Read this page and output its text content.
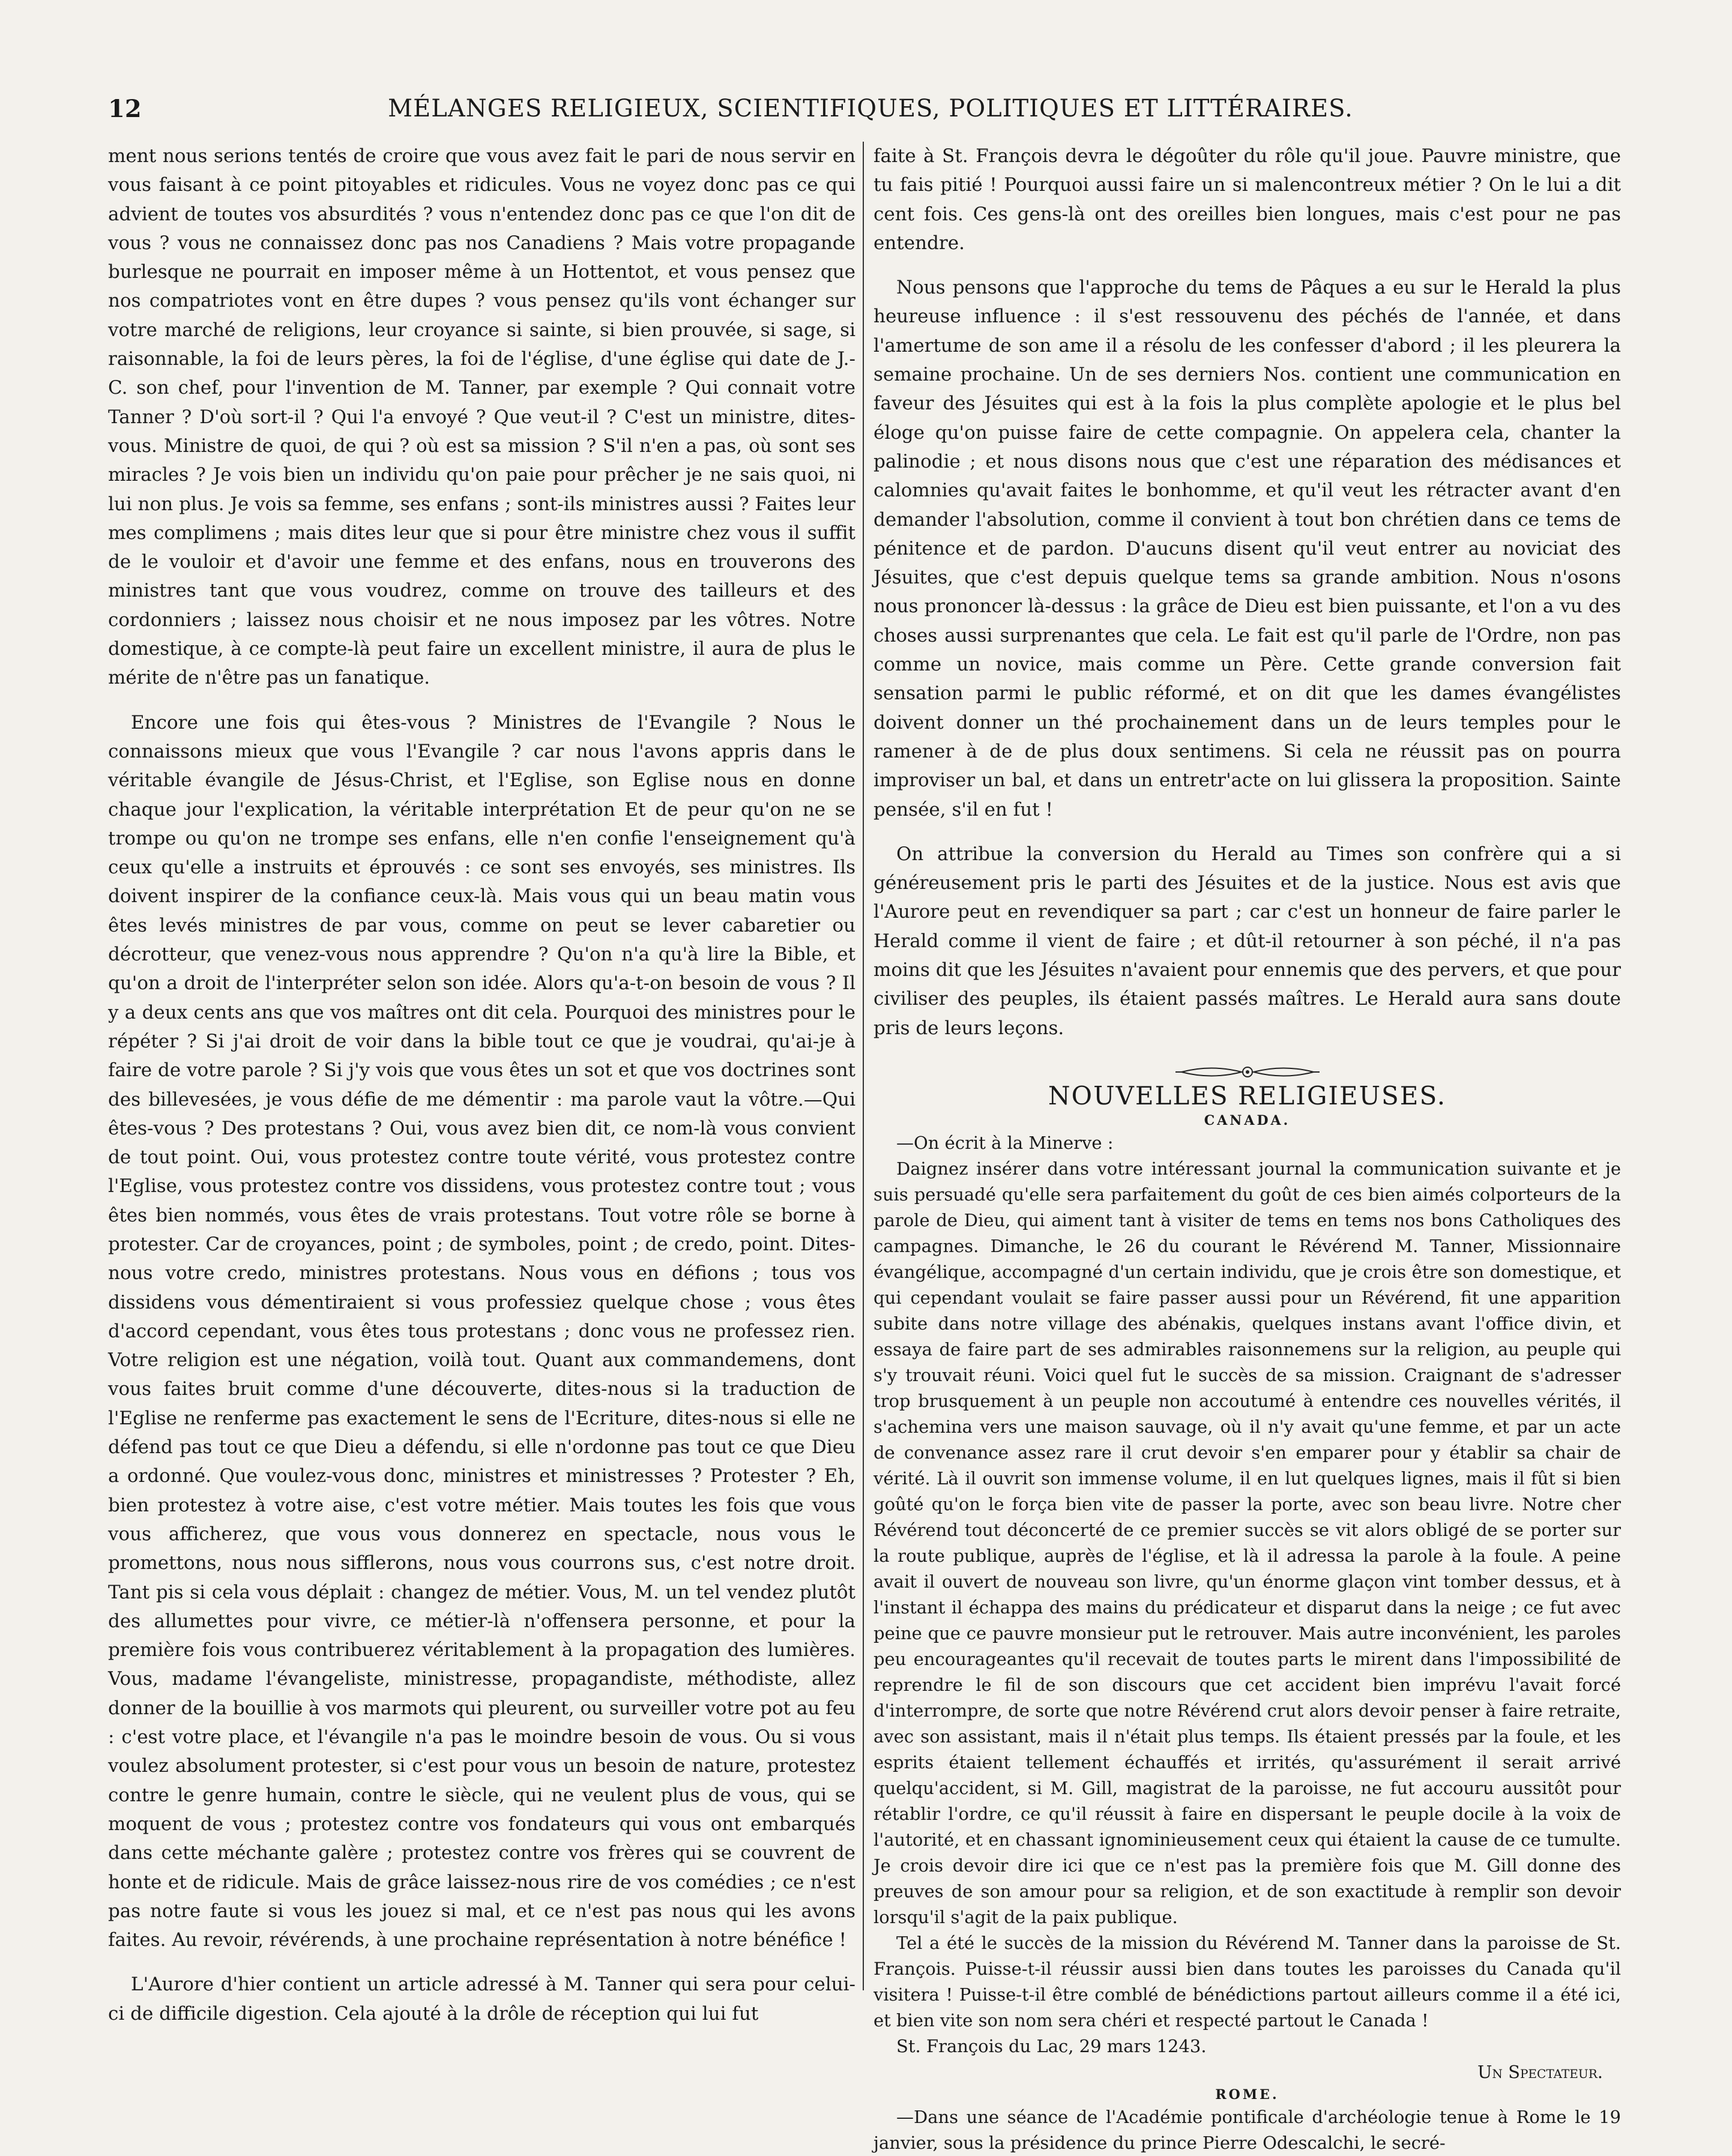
12	MÉLANGES RELIGIEUX, SCIENTIFIQUES, POLITIQUES ET LITTÉRAIRES.

ment nous serions tentés de croire que vous avez fait le pari de nous servir en vous faisant à ce point pitoyables et ridicules. Vous ne voyez donc pas ce qui advient de toutes vos absurdités ? vous n'entendez donc pas ce que l'on dit de vous ? vous ne connaissez donc pas nos Canadiens ? Mais votre propagande burlesque ne pourrait en imposer même à un Hottentot, et vous pensez que nos compatriotes vont en être dupes ? vous pensez qu'ils vont échanger sur votre marché de religions, leur croyance si sainte, si bien prouvée, si sage, si raisonnable, la foi de leurs pères, la foi de l'église, d'une église qui date de J.-C. son chef, pour l'invention de M. Tanner, par exemple ? Qui connait votre Tanner ? D'où sort-il ? Qui l'a envoyé ? Que veut-il ? C'est un ministre, dites-vous. Ministre de quoi, de qui ? où est sa mission ? S'il n'en a pas, où sont ses miracles ? Je vois bien un individu qu'on paie pour prêcher je ne sais quoi, ni lui non plus. Je vois sa femme, ses enfans ; sont-ils ministres aussi ? Faites leur mes complimens ; mais dites leur que si pour être ministre chez vous il suffit de le vouloir et d'avoir une femme et des enfans, nous en trouverons des ministres tant que vous voudrez, comme on trouve des tailleurs et des cordonniers ; laissez nous choisir et ne nous imposez par les vôtres. Notre domestique, à ce compte-là peut faire un excellent ministre, il aura de plus le mérite de n'être pas un fanatique.

Encore une fois qui êtes-vous ? Ministres de l'Evangile ? Nous le connaissons mieux que vous l'Evangile ? car nous l'avons appris dans le véritable évangile de Jésus-Christ, et l'Eglise, son Eglise nous en donne chaque jour l'explication, la véritable interprétation Et de peur qu'on ne se trompe ou qu'on ne trompe ses enfans, elle n'en confie l'enseignement qu'à ceux qu'elle a instruits et éprouvés : ce sont ses envoyés, ses ministres. Ils doivent inspirer de la confiance ceux-là. Mais vous qui un beau matin vous êtes levés ministres de par vous, comme on peut se lever cabaretier ou décrotteur, que venez-vous nous apprendre ? Qu'on n'a qu'à lire la Bible, et qu'on a droit de l'interpréter selon son idée. Alors qu'a-t-on besoin de vous ? Il y a deux cents ans que vos maîtres ont dit cela. Pourquoi des ministres pour le répéter ? Si j'ai droit de voir dans la bible tout ce que je voudrai, qu'ai-je à faire de votre parole ? Si j'y vois que vous êtes un sot et que vos doctrines sont des billevesées, je vous défie de me démentir : ma parole vaut la vôtre.—Qui êtes-vous ? Des protestans ? Oui, vous avez bien dit, ce nom-là vous convient de tout point. Oui, vous protestez contre toute vérité, vous protestez contre l'Eglise, vous protestez contre vos dissidens, vous protestez contre tout ; vous êtes bien nommés, vous êtes de vrais protestans. Tout votre rôle se borne à protester. Car de croyances, point ; de symboles, point ; de credo, point. Dites-nous votre credo, ministres protestans. Nous vous en défions ; tous vos dissidens vous démentiraient si vous professiez quelque chose ; vous êtes d'accord cependant, vous êtes tous protestans ; donc vous ne professez rien. Votre religion est une négation, voilà tout. Quant aux commandemens, dont vous faites bruit comme d'une découverte, dites-nous si la traduction de l'Eglise ne renferme pas exactement le sens de l'Ecriture, dites-nous si elle ne défend pas tout ce que Dieu a défendu, si elle n'ordonne pas tout ce que Dieu a ordonné. Que voulez-vous donc, ministres et ministresses ? Protester ? Eh, bien protestez à votre aise, c'est votre métier. Mais toutes les fois que vous vous afficherez, que vous vous donnerez en spectacle, nous vous le promettons, nous nous sifflerons, nous vous courrons sus, c'est notre droit. Tant pis si cela vous déplait : changez de métier. Vous, M. un tel vendez plutôt des allumettes pour vivre, ce métier-là n'offensera personne, et pour la première fois vous contribuerez véritablement à la propagation des lumières. Vous, madame l'évangeliste, ministresse, propagandiste, méthodiste, allez donner de la bouillie à vos marmots qui pleurent, ou surveiller votre pot au feu : c'est votre place, et l'évangile n'a pas le moindre besoin de vous. Ou si vous voulez absolument protester, si c'est pour vous un besoin de nature, protestez contre le genre humain, contre le siècle, qui ne veulent plus de vous, qui se moquent de vous ; protestez contre vos fondateurs qui vous ont embarqués dans cette méchante galère ; protestez contre vos frères qui se couvrent de honte et de ridicule. Mais de grâce laissez-nous rire de vos comédies ; ce n'est pas notre faute si vous les jouez si mal, et ce n'est pas nous qui les avons faites. Au revoir, révérends, à une prochaine représentation à notre bénéfice !

L'Aurore d'hier contient un article adressé à M. Tanner qui sera pour celui-ci de difficile digestion. Cela ajouté à la drôle de réception qui lui fut

faite à St. François devra le dégoûter du rôle qu'il joue. Pauvre ministre, que tu fais pitié ! Pourquoi aussi faire un si malencontreux métier ? On le lui a dit cent fois. Ces gens-là ont des oreilles bien longues, mais c'est pour ne pas entendre.

Nous pensons que l'approche du tems de Pâques a eu sur le Herald la plus heureuse influence : il s'est ressouvenu des péchés de l'année, et dans l'amertume de son ame il a résolu de les confesser d'abord ; il les pleurera la semaine prochaine. Un de ses derniers Nos. contient une communication en faveur des Jésuites qui est à la fois la plus complète apologie et le plus bel éloge qu'on puisse faire de cette compagnie. On appelera cela, chanter la palinodie ; et nous disons nous que c'est une réparation des médisances et calomnies qu'avait faites le bonhomme, et qu'il veut les rétracter avant d'en demander l'absolution, comme il convient à tout bon chrétien dans ce tems de pénitence et de pardon. D'aucuns disent qu'il veut entrer au noviciat des Jésuites, que c'est depuis quelque tems sa grande ambition. Nous n'osons nous prononcer là-dessus : la grâce de Dieu est bien puissante, et l'on a vu des choses aussi surprenantes que cela. Le fait est qu'il parle de l'Ordre, non pas comme un novice, mais comme un Père. Cette grande conversion fait sensation parmi le public réformé, et on dit que les dames évangélistes doivent donner un thé prochainement dans un de leurs temples pour le ramener à de de plus doux sentimens. Si cela ne réussit pas on pourra improviser un bal, et dans un entretr'acte on lui glissera la proposition. Sainte pensée, s'il en fut !

On attribue la conversion du Herald au Times son confrère qui a si généreusement pris le parti des Jésuites et de la justice. Nous est avis que l'Aurore peut en revendiquer sa part ; car c'est un honneur de faire parler le Herald comme il vient de faire ; et dût-il retourner à son péché, il n'a pas moins dit que les Jésuites n'avaient pour ennemis que des pervers, et que pour civiliser des peuples, ils étaient passés maîtres. Le Herald aura sans doute pris de leurs leçons.

NOUVELLES RELIGIEUSES.
CANADA.

—On écrit à la Minerve :

Daignez insérer dans votre intéressant journal la communication suivante et je suis persuadé qu'elle sera parfaitement du goût de ces bien aimés colporteurs de la parole de Dieu, qui aiment tant à visiter de tems en tems nos bons Catholiques des campagnes. Dimanche, le 26 du courant le Révérend M. Tanner, Missionnaire évangélique, accompagné d'un certain individu, que je crois être son domestique, et qui cependant voulait se faire passer aussi pour un Révérend, fit une apparition subite dans notre village des abénakis, quelques instans avant l'office divin, et essaya de faire part de ses admirables raisonnemens sur la religion, au peuple qui s'y trouvait réuni. Voici quel fut le succès de sa mission. Craignant de s'adresser trop brusquement à un peuple non accoutumé à entendre ces nouvelles vérités, il s'achemina vers une maison sauvage, où il n'y avait qu'une femme, et par un acte de convenance assez rare il crut devoir s'en emparer pour y établir sa chair de vérité. Là il ouvrit son immense volume, il en lut quelques lignes, mais il fût si bien goûté qu'on le força bien vite de passer la porte, avec son beau livre. Notre cher Révérend tout déconcerté de ce premier succès se vit alors obligé de se porter sur la route publique, auprès de l'église, et là il adressa la parole à la foule. A peine avait il ouvert de nouveau son livre, qu'un énorme glaçon vint tomber dessus, et à l'instant il échappa des mains du prédicateur et disparut dans la neige ; ce fut avec peine que ce pauvre monsieur put le retrouver. Mais autre inconvénient, les paroles peu encourageantes qu'il recevait de toutes parts le mirent dans l'impossibilité de reprendre le fil de son discours que cet accident bien imprévu l'avait forcé d'interrompre, de sorte que notre Révérend crut alors devoir penser à faire retraite, avec son assistant, mais il n'était plus temps. Ils étaient pressés par la foule, et les esprits étaient tellement échauffés et irrités, qu'assurément il serait arrivé quelqu'accident, si M. Gill, magistrat de la paroisse, ne fut accouru aussitôt pour rétablir l'ordre, ce qu'il réussit à faire en dispersant le peuple docile à la voix de l'autorité, et en chassant ignominieusement ceux qui étaient la cause de ce tumulte. Je crois devoir dire ici que ce n'est pas la première fois que M. Gill donne des preuves de son amour pour sa religion, et de son exactitude à remplir son devoir lorsqu'il s'agit de la paix publique.

Tel a été le succès de la mission du Révérend M. Tanner dans la paroisse de St. François. Puisse-t-il réussir aussi bien dans toutes les paroisses du Canada qu'il visitera ! Puisse-t-il être comblé de bénédictions partout ailleurs comme il a été ici, et bien vite son nom sera chéri et respecté partout le Canada !

St. François du Lac, 29 mars 1243.

Un Spectateur.

ROME.

—Dans une séance de l'Académie pontificale d'archéologie tenue à Rome le 19 janvier, sous la présidence du prince Pierre Odescalchi, le secré-
